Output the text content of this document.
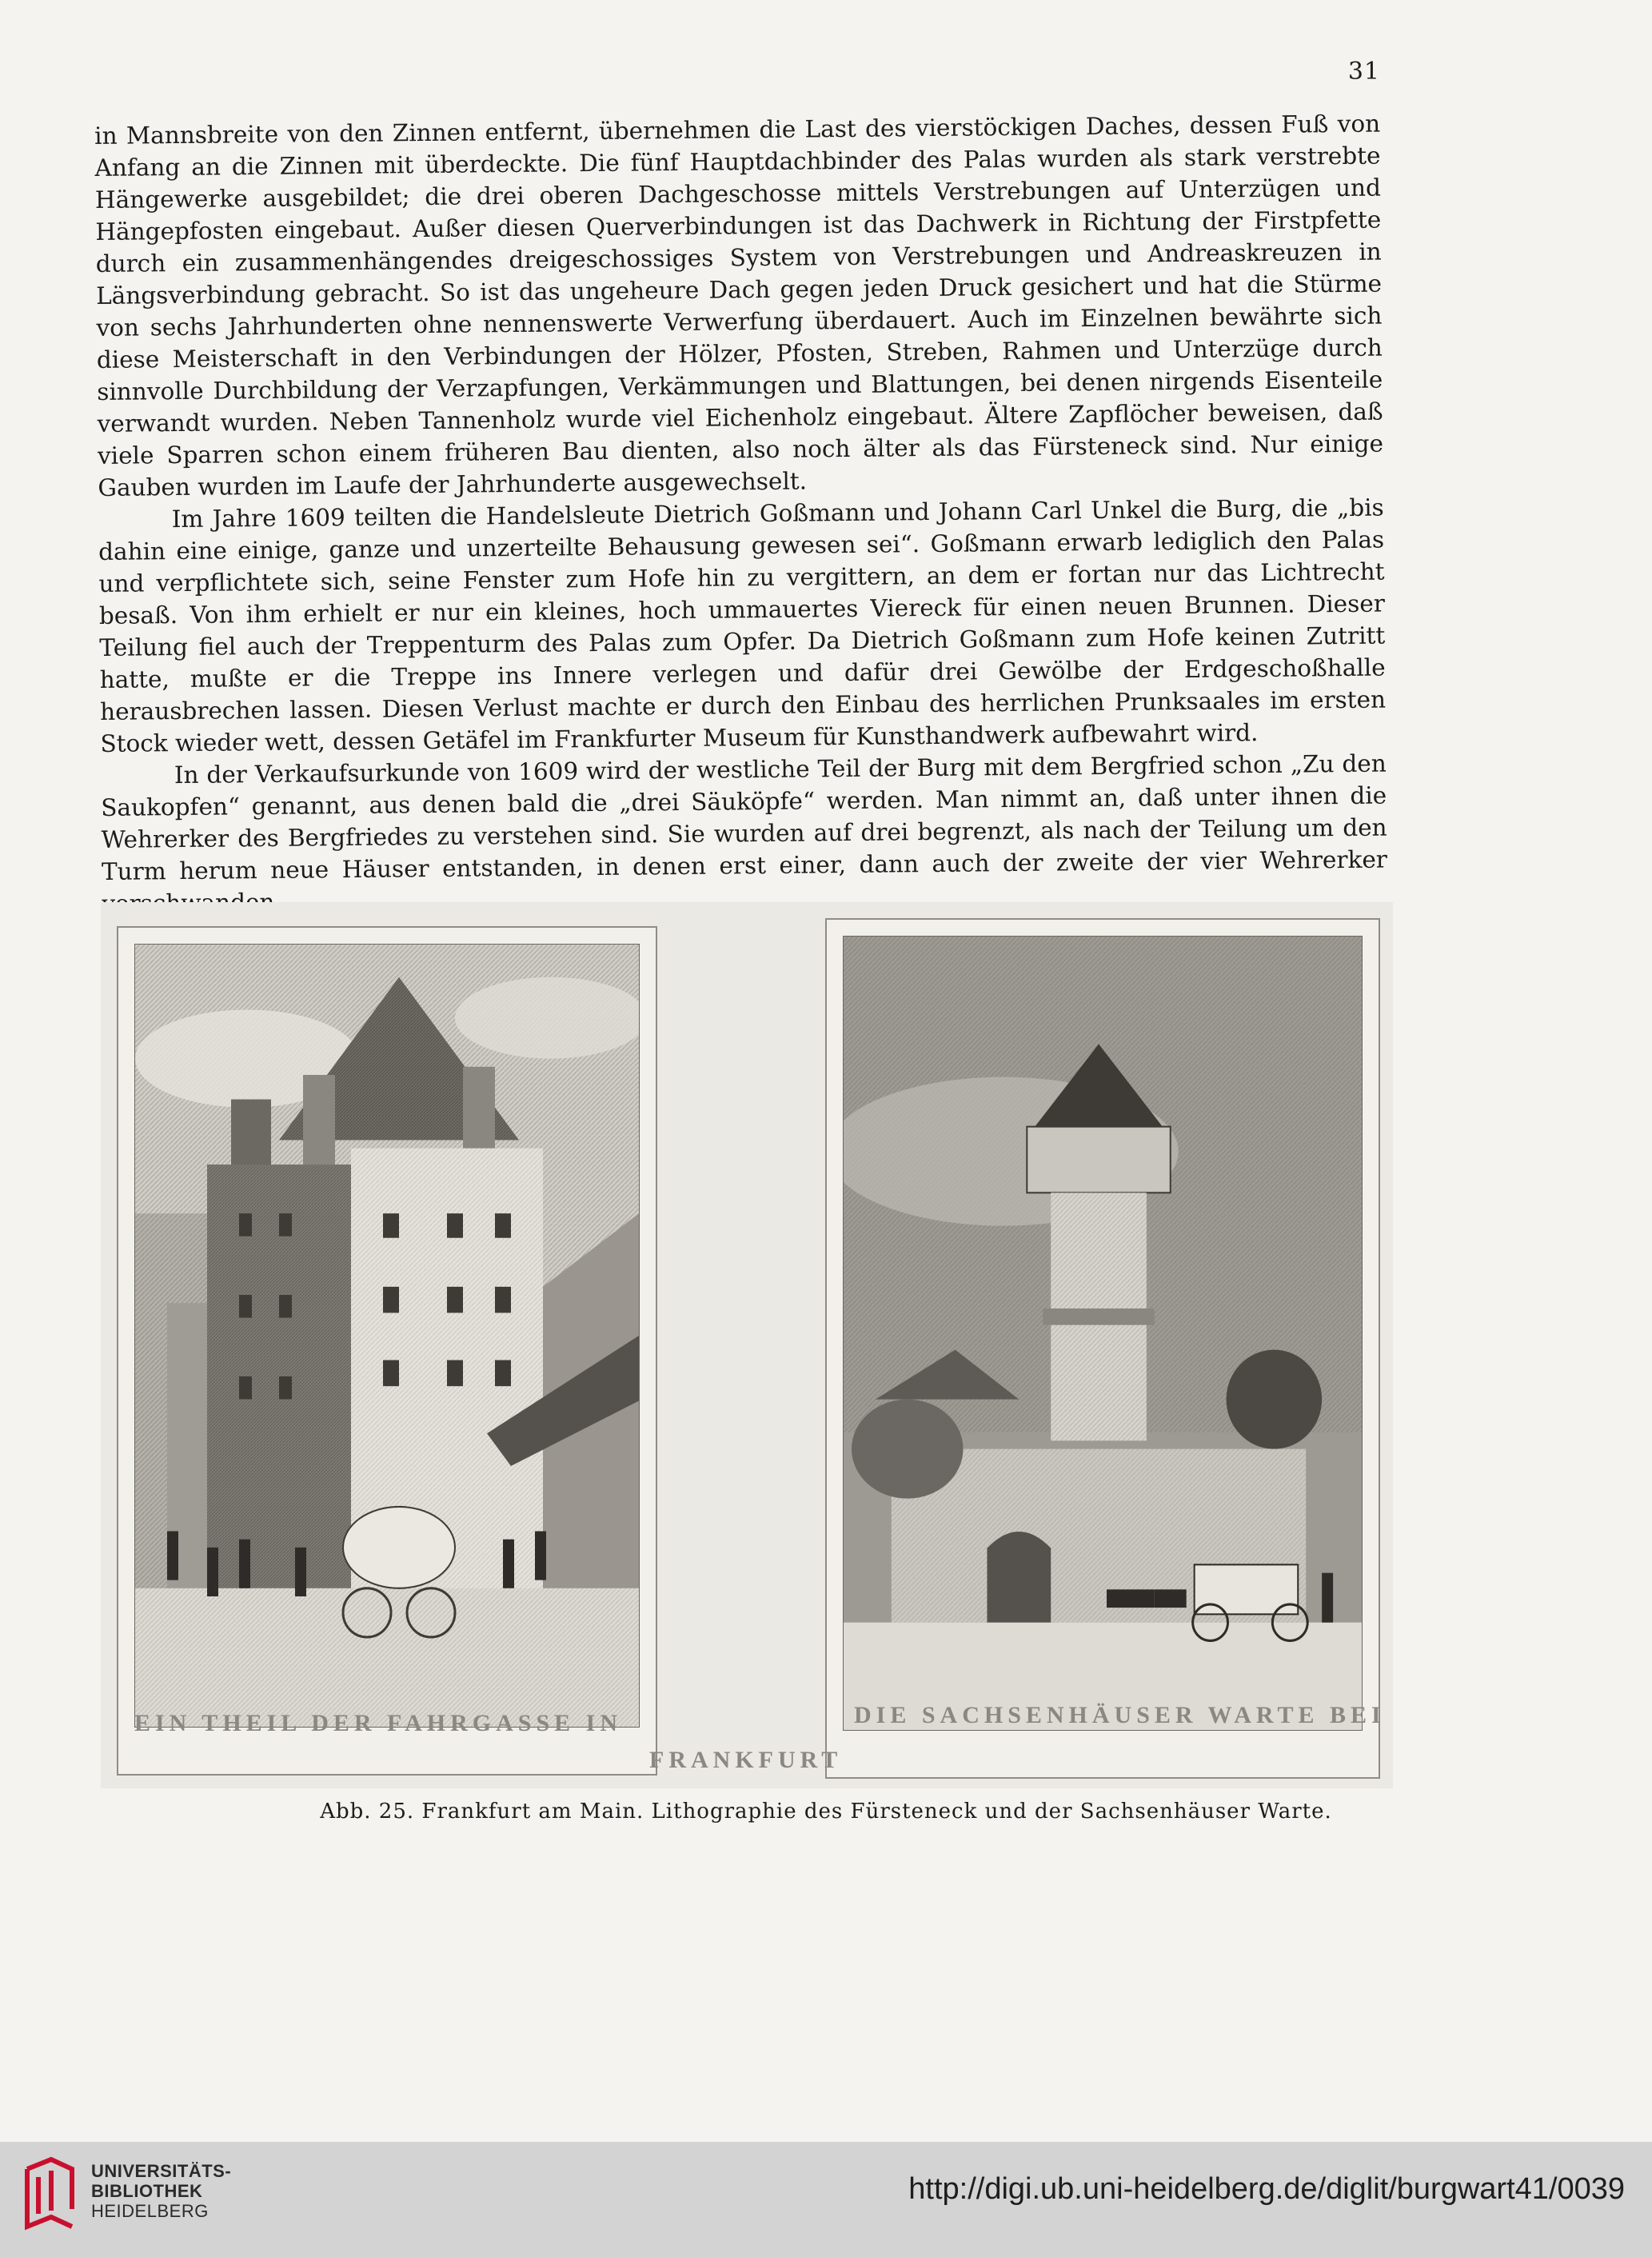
31

in Mannsbreite von den Zinnen entfernt, übernehmen die Last des vierstöckigen Daches, dessen Fuß von Anfang an die Zinnen mit überdeckte. Die fünf Hauptdachbinder des Palas wurden als stark verstrebte Hängewerke ausgebildet; die drei oberen Dachgeschosse mittels Verstrebungen auf Unterzügen und Hängepfosten eingebaut. Außer diesen Querverbindungen ist das Dachwerk in Richtung der Firstpfette durch ein zusammenhängendes dreigeschossiges System von Verstrebungen und Andreaskreuzen in Längsverbindung gebracht. So ist das ungeheure Dach gegen jeden Druck gesichert und hat die Stürme von sechs Jahrhunderten ohne nennenswerte Verwerfung überdauert. Auch im Einzelnen bewährte sich diese Meisterschaft in den Verbindungen der Hölzer, Pfosten, Streben, Rahmen und Unterzüge durch sinnvolle Durchbildung der Verzapfungen, Verkämmungen und Blattungen, bei denen nirgends Eisenteile verwandt wurden. Neben Tannenholz wurde viel Eichenholz eingebaut. Ältere Zapflöcher beweisen, daß viele Sparren schon einem früheren Bau dienten, also noch älter als das Fürsteneck sind. Nur einige Gauben wurden im Laufe der Jahrhunderte ausgewechselt.

Im Jahre 1609 teilten die Handelsleute Dietrich Goßmann und Johann Carl Unkel die Burg, die „bis dahin eine einige, ganze und unzerteilte Behausung gewesen sei“. Goßmann erwarb lediglich den Palas und verpflichtete sich, seine Fenster zum Hofe hin zu vergittern, an dem er fortan nur das Lichtrecht besaß. Von ihm erhielt er nur ein kleines, hoch ummauertes Viereck für einen neuen Brunnen. Dieser Teilung fiel auch der Treppenturm des Palas zum Opfer. Da Dietrich Goßmann zum Hofe keinen Zutritt hatte, mußte er die Treppe ins Innere verlegen und dafür drei Gewölbe der Erdgeschoßhalle herausbrechen lassen. Diesen Verlust machte er durch den Einbau des herrlichen Prunksaales im ersten Stock wieder wett, dessen Getäfel im Frankfurter Museum für Kunsthandwerk aufbewahrt wird.

In der Verkaufsurkunde von 1609 wird der westliche Teil der Burg mit dem Bergfried schon „Zu den Saukopfen“ genannt, aus denen bald die „drei Säuköpfe“ werden. Man nimmt an, daß unter ihnen die Wehrerker des Bergfriedes zu verstehen sind. Sie wurden auf drei begrenzt, als nach der Teilung um den Turm herum neue Häuser entstanden, in denen erst einer, dann auch der zweite der vier Wehrerker

EIN THEIL DER FAHRGASSE IN
FRANKFURT
DIE SACHSENHÄUSER WARTE BEI
Abb. 25. Frankfurt am Main. Lithographie des Fürsteneck und der Sachsenhäuser Warte.
UNIVERSITÄTS-
BIBLIOTHEK
HEIDELBERG
http://digi.ub.uni-heidelberg.de/diglit/burgwart41/0039
